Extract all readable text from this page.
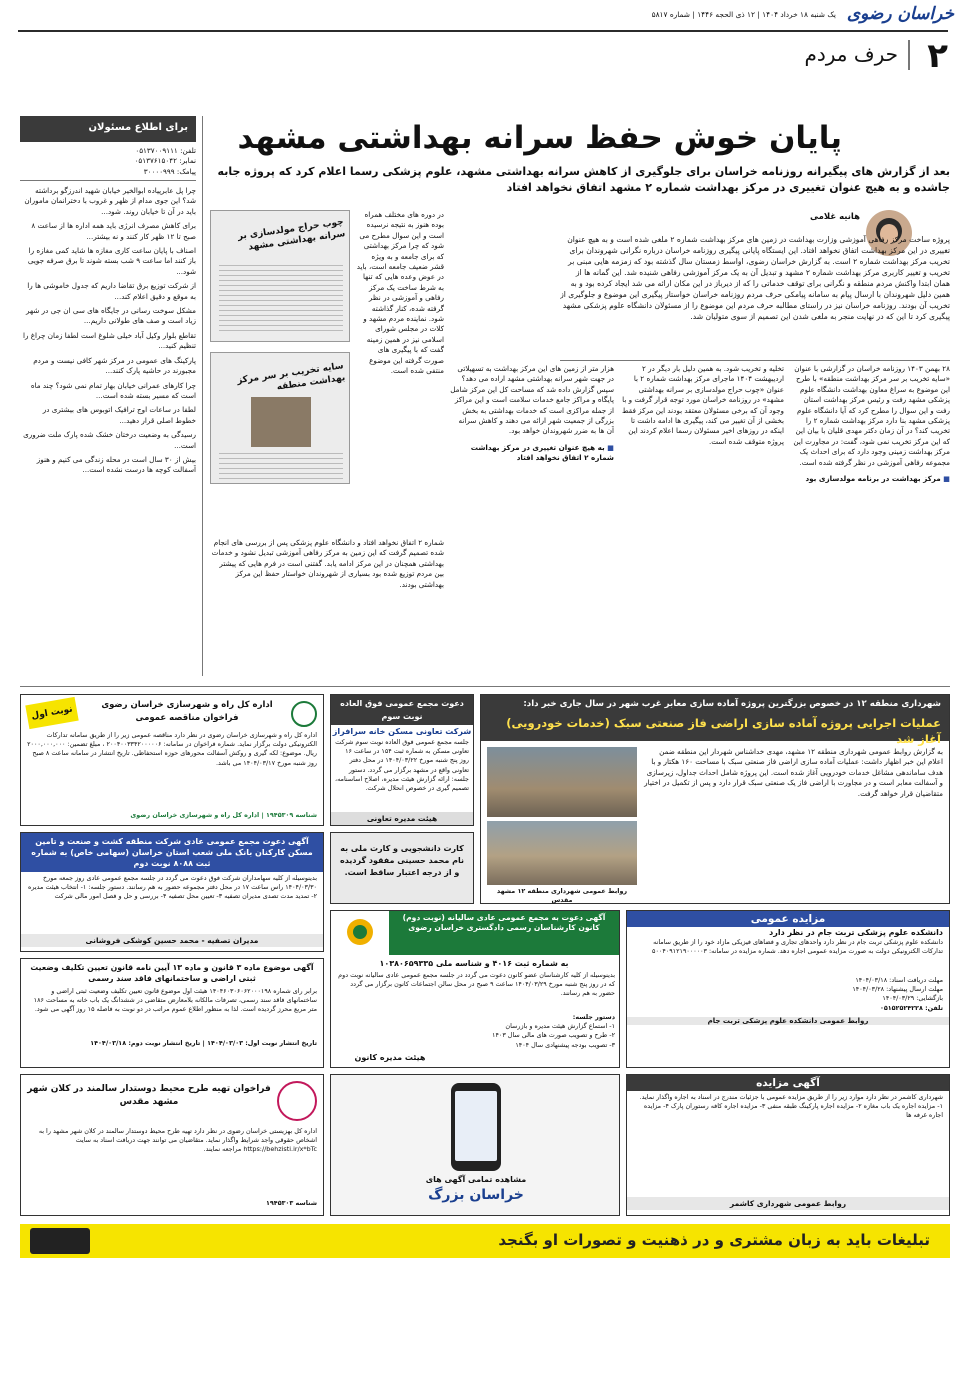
خراسان رضوی
یک شنبه ۱۸ خرداد ۱۴۰۴ | ۱۲ ذی الحجه ۱۴۴۶ | شماره ۵۸۱۷
۲
حرف مردم
برای اطلاع مسئولان
تلفن: ۰۵۱۳۷۰۰۹۱۱۱
نمابر: ۰۵۱۳۷۶۱۵۰۴۲
پیامک: ۳۰۰۰۰۹۹۹

چرا پل عابرپیاده ابوالخیر خیابان شهید اندرزگو برداشته شد؟ این جوی مدام از ظهر و غروب با دخترانمان ماموران باید در آن تا خیابان روند. شود...

برای کاهش مصرف انرژی باید همه اداره ها از ساعت ۸ صبح تا ۱۲ ظهر کار کنند و نه بیشتر...

اصناف با پایان ساعت کاری مغازه ها شاید کمی مغازه را باز کنند اما ساعت ۹ شب بسته شوند تا برق صرفه جویی شود...

از شرکت توزیع برق تقاضا داریم که جدول خاموشی ها را به موقع و دقیق اعلام کند...

مشکل سوخت رسانی در جایگاه های سی ان جی در شهر زیاد است و صف های طولانی داریم...

تقاطع بلوار وکیل آباد خیلی شلوغ است لطفا زمان چراغ را تنظیم کنید...

پارکینگ های عمومی در مرکز شهر کافی نیست و مردم مجبورند در حاشیه پارک کنند...

چرا کارهای عمرانی خیابان بهار تمام نمی شود؟ چند ماه است که مسیر بسته شده است...

لطفا در ساعات اوج ترافیک اتوبوس های بیشتری در خطوط اصلی قرار دهید...

رسیدگی به وضعیت درختان خشک شده پارک ملت ضروری است...

بیش از ۳۰ سال است در محله زندگی می کنیم و هنوز آسفالت کوچه ها درست نشده است...

پایان خوش حفظ سرانه بهداشتی مشهد
بعد از گزارش های پیگیرانه روزنامه خراسان برای جلوگیری از کاهش سرانه بهداشتی مشهد، علوم پزشکی رسما اعلام کرد که پروژه جابه جاشده و به هیچ عنوان تغییری در مرکز بهداشت شماره ۲ مشهد اتفاق نخواهد افتاد
هانیه غلامی
پروژه ساخت مرکز رفاهی آموزشی وزارت بهداشت در زمین های مرکز بهداشت شماره ۲ ملغی شده است و به هیچ عنوان تغییری در این مرکز بهداشت اتفاق نخواهد افتاد. این ایستگاه پایانی پیگیری روزنامه خراسان درباره نگرانی شهروندان برای تخریب مرکز بهداشت شماره ۲ است. به گزارش خراسان رضوی، اواسط زمستان سال گذشته بود که زمزمه هایی مبنی بر تخریب و تغییر کاربری مرکز بهداشت شماره ۲ مشهد و تبدیل آن به یک مرکز آموزشی رفاهی شنیده شد. این گمانه ها از همان ابتدا واکنش مردم منطقه و نگرانی برای توقف خدماتی را که از دیرباز در این مکان ارائه می شد ایجاد کرده بود و به همین دلیل شهروندان با ارسال پیام به سامانه پیامکی حرف مردم روزنامه خراسان خواستار پیگیری این موضوع و جلوگیری از تخریب آن بودند. روزنامه خراسان نیز در راستای مطالبه حرف مردم این موضوع را از مسئولان دانشگاه علوم پزشکی مشهد پیگیری کرد تا این که در نهایت منجر به ملغی شدن این تصمیم از سوی متولیان شد.
چوب حراج مولدسازی بر سرانه بهداشتی مشهد
سایه تخریب بر سر مرکز بهداشت منطقه
۲۸ بهمن ۱۴۰۳ روزنامه خراسان در گزارشی با عنوان «سایه تخریب بر سر مرکز بهداشت منطقه» با طرح این موضوع به سراغ معاون بهداشت دانشگاه علوم پزشکی مشهد رفت و رئیس مرکز بهداشت استان رفت و این سوال را مطرح کرد که آیا دانشگاه علوم پزشکی مشهد بنا دارد مرکز بهداشت شماره ۲ را تخریب کند؟ در آن زمان دکتر مهدی قلیان با بیان این که این مرکز تخریب نمی شود، گفت: در مجاورت این مرکز بهداشت زمینی وجود دارد که برای احداث یک مجموعه رفاهی آموزشی در نظر گرفته شده است.
■ مرکز بهداشت در برنامه مولدسازی بود
تخلیه و تخریب شود. به همین دلیل بار دیگر در ۲ اردیبهشت ۱۴۰۴ ماجرای مرکز بهداشت شماره ۲ با عنوان «چوب حراج مولدسازی بر سرانه بهداشتی مشهد» در روزنامه خراسان مورد توجه قرار گرفت و با وجود آن که برخی مسئولان معتقد بودند این مرکز فقط بخشی از آن تغییر می کند، پیگیری ها ادامه داشت تا اینکه در روزهای اخیر مسئولان رسما اعلام کردند این پروژه متوقف شده است.
هزار متر از زمین های این مرکز بهداشت به تسهیلاتی در جهت شهر سرانه بهداشتی مشهد اراده می دهد؟ سپس گزارش داده شد که مساحت کل این مرکز شامل پایگاه و مراکز جامع خدمات سلامت است و این مراکز از جمله مراکزی است که خدمات بهداشتی به بخش بزرگی از جمعیت شهر ارائه می دهند و کاهش سرانه آن ها به ضرر شهروندان خواهد بود.
■ به هیچ عنوان تغییری در مرکز بهداشت شماره ۲ اتفاق نخواهد افتاد
در دوره های مختلف همراه بوده هنوز به نتیجه نرسیده است و این سوال مطرح می شود که چرا مرکز بهداشتی که برای جامعه و به ویژه قشر ضعیف جامعه است، باید در عوض وعده هایی که تنها به شرط ساخت یک مرکز رفاهی و آموزشی در نظر گرفته شده، کنار گذاشته شود. نماینده مردم مشهد و کلات در مجلس شورای اسلامی نیز در همین زمینه گفت که با پیگیری های صورت گرفته این موضوع منتفی شده است.
شماره ۲ اتفاق نخواهد افتاد و دانشگاه علوم پزشکی پس از بررسی های انجام شده تصمیم گرفت که این زمین به مرکز رفاهی آموزشی تبدیل نشود و خدمات بهداشتی همچنان در این مرکز ادامه یابد. گفتنی است در فرم هایی که پیشتر بین مردم توزیع شده بود بسیاری از شهروندان خواستار حفظ این مرکز بهداشتی بودند.
شهرداری منطقه ۱۲ در خصوص بزرگترین پروژه آماده سازی معابر غرب شهر در سال جاری خبر داد:
عملیات اجرایی پروژه آماده سازی اراضی فاز صنعتی سبک (خدمات خودرویی) آغاز شد
به گزارش روابط عمومی شهرداری منطقه ۱۲ مشهد، مهدی خداشناس شهردار این منطقه ضمن اعلام این خبر اظهار داشت: عملیات آماده سازی اراضی فاز صنعتی سبک با مساحت ۱۶۰ هکتار و با هدف ساماندهی مشاغل خدمات خودرویی آغاز شده است. این پروژه شامل احداث جداول، زیرسازی و آسفالت معابر است و در مجاورت با اراضی فاز یک صنعتی سبک قرار دارد و پس از تکمیل در اختیار متقاضیان قرار خواهد گرفت.
روابط عمومی شهرداری منطقه ۱۲ مشهد مقدس
دعوت مجمع عمومی فوق العاده نوبت سوم
شرکت تعاونی مسکن خانه سرافراز
جلسه مجمع عمومی فوق العاده نوبت سوم شرکت تعاونی مسکن به شماره ثبت ۱۵۴ در ساعت ۱۶ روز پنج شنبه مورخ ۱۴۰۴/۰۳/۲۲ در محل دفتر تعاونی واقع در مشهد برگزار می گردد. دستور جلسه: ارائه گزارش هیئت مدیره، اصلاح اساسنامه، تصمیم گیری در خصوص انحلال شرکت.
هیئت مدیره تعاونی
کارت دانشجویی و کارت ملی به نام محمد حسینی مفقود گردیده و از درجه اعتبار ساقط است.
اداره کل راه و شهرسازی خراسان رضوی فراخوان مناقصه عمومی
نوبت اول
اداره کل راه و شهرسازی خراسان رضوی در نظر دارد مناقصه عمومی زیر را از طریق سامانه تدارکات الکترونیکی دولت برگزار نماید. شماره فراخوان در سامانه: ۲۰۰۴۰۰۳۳۴۲۰۰۰۰۰۶ ، مبلغ تضمین: ۲۰۰۰,۰۰۰,۰۰۰ ریال. موضوع: لکه گیری و روکش آسفالت محورهای حوزه استحفاظی. تاریخ انتشار در سامانه ساعت ۸ صبح روز شنبه مورخ ۱۴۰۴/۰۳/۱۷ می باشد.
شناسه ۱۹۴۵۳۰۹ | اداره کل راه و شهرسازی خراسان رضوی
آگهی دعوت مجمع عمومی عادی شرکت منطقه کشت و صنعت و تامین مسکن کارکنان بانک ملی شعب استان خراسان (سهامی خاص) به شماره ثبت ۸۰۸۸ نوبت دوم
بدینوسیله از کلیه سهامداران شرکت فوق دعوت می گردد در جلسه مجمع عمومی عادی روز جمعه مورخ ۱۴۰۴/۰۳/۳۰ راس ساعت ۱۷ در محل دفتر مجموعه حضور به هم رسانند. دستور جلسه: ۱- انتخاب هیئت مدیره ۲- تمدید مدت تصدی مدیران تصفیه ۳- تعیین محل تصفیه ۴- بررسی و حل و فصل امور مالی شرکت
مدیران تصفیه - محمد حسین کوشکی فروشانی
آگهی موضوع ماده ۳ قانون و ماده ۱۳ آیین نامه قانون تعیین تکلیف وضعیت ثبتی اراضی و ساختمانهای فاقد سند رسمی
برابر رای شماره ۱۴۰۴۶۰۳۰۶۰۶۲۰۰۰۱۹۸ هیئت اول موضوع قانون تعیین تکلیف وضعیت ثبتی اراضی و ساختمانهای فاقد سند رسمی، تصرفات مالکانه بلامعارض متقاضی در ششدانگ یک باب خانه به مساحت ۱۸۶ متر مربع محرز گردیده است. لذا به منظور اطلاع عموم مراتب در دو نوبت به فاصله ۱۵ روز آگهی می شود.
تاریخ انتشار نوبت اول: ۱۴۰۴/۰۳/۰۳ | تاریخ انتشار نوبت دوم: ۱۴۰۴/۰۳/۱۸
آگهی دعوت به مجمع عمومی عادی سالیانه (نوبت دوم) کانون کارشناسان رسمی دادگستری خراسان رضوی
به شماره ثبت ۴۰۱۶ و شناسه ملی ۱۰۳۸۰۶۵۹۳۳۵
بدینوسیله از کلیه کارشناسان عضو کانون دعوت می گردد در جلسه مجمع عمومی عادی سالیانه نوبت دوم که در روز پنج شنبه مورخ ۱۴۰۴/۰۳/۲۹ ساعت ۹ صبح در محل سالن اجتماعات کانون برگزار می گردد حضور به هم رسانند.
دستور جلسه:
۱- استماع گزارش هیئت مدیره و بازرسان
۲- طرح و تصویب صورت های مالی سال ۱۴۰۳
۳- تصویب بودجه پیشنهادی سال ۱۴۰۴
هیئت مدیره کانون
مزایده عمومی
دانشکده علوم پزشکی تربت جام در نظر دارد
دانشکده علوم پزشکی تربت جام در نظر دارد واحدهای تجاری و فضاهای فیزیکی مازاد خود را از طریق سامانه تدارکات الکترونیکی دولت به صورت مزایده عمومی اجاره دهد. شماره مزایده در سامانه: ۵۰۰۴۰۹۱۲۱۹۰۰۰۰۰۳
مهلت دریافت اسناد: ۱۴۰۴/۰۳/۱۸
مهلت ارسال پیشنهاد: ۱۴۰۴/۰۳/۲۸
بازگشایی: ۱۴۰۴/۰۳/۲۹
تلفن: ۰۵۱۵۲۵۲۴۲۲۸
روابط عمومی دانشکده علوم پزشکی تربت جام
فراخوان تهیه طرح محیط دوستدار سالمند در کلان شهر مشهد مقدس
اداره کل بهزیستی خراسان رضوی در نظر دارد تهیه طرح محیط دوستدار سالمند در کلان شهر مشهد را به اشخاص حقوقی واجد شرایط واگذار نماید. متقاضیان می توانند جهت دریافت اسناد به سایت https://behzisti.ir/x*bTc مراجعه نمایند.
شناسه ۱۹۴۵۳۰۳
مشاهده تمامی آگهی های
خراسان بزرگ
آگهی مزایده
شهرداری کاشمر در نظر دارد موارد زیر را از طریق مزایده عمومی با جزئیات مندرج در اسناد به اجاره واگذار نماید. ۱- مزایده اجاره یک باب مغازه ۲- مزایده اجاره پارکینگ طبقه منفی ۳- مزایده اجاره کافه رستوران پارک ۴- مزایده اجاره غرفه ها
روابط عمومی شهرداری کاشمر
تبلیغات باید به زبان مشتری و در ذهنیت و تصورات او بگنجد
